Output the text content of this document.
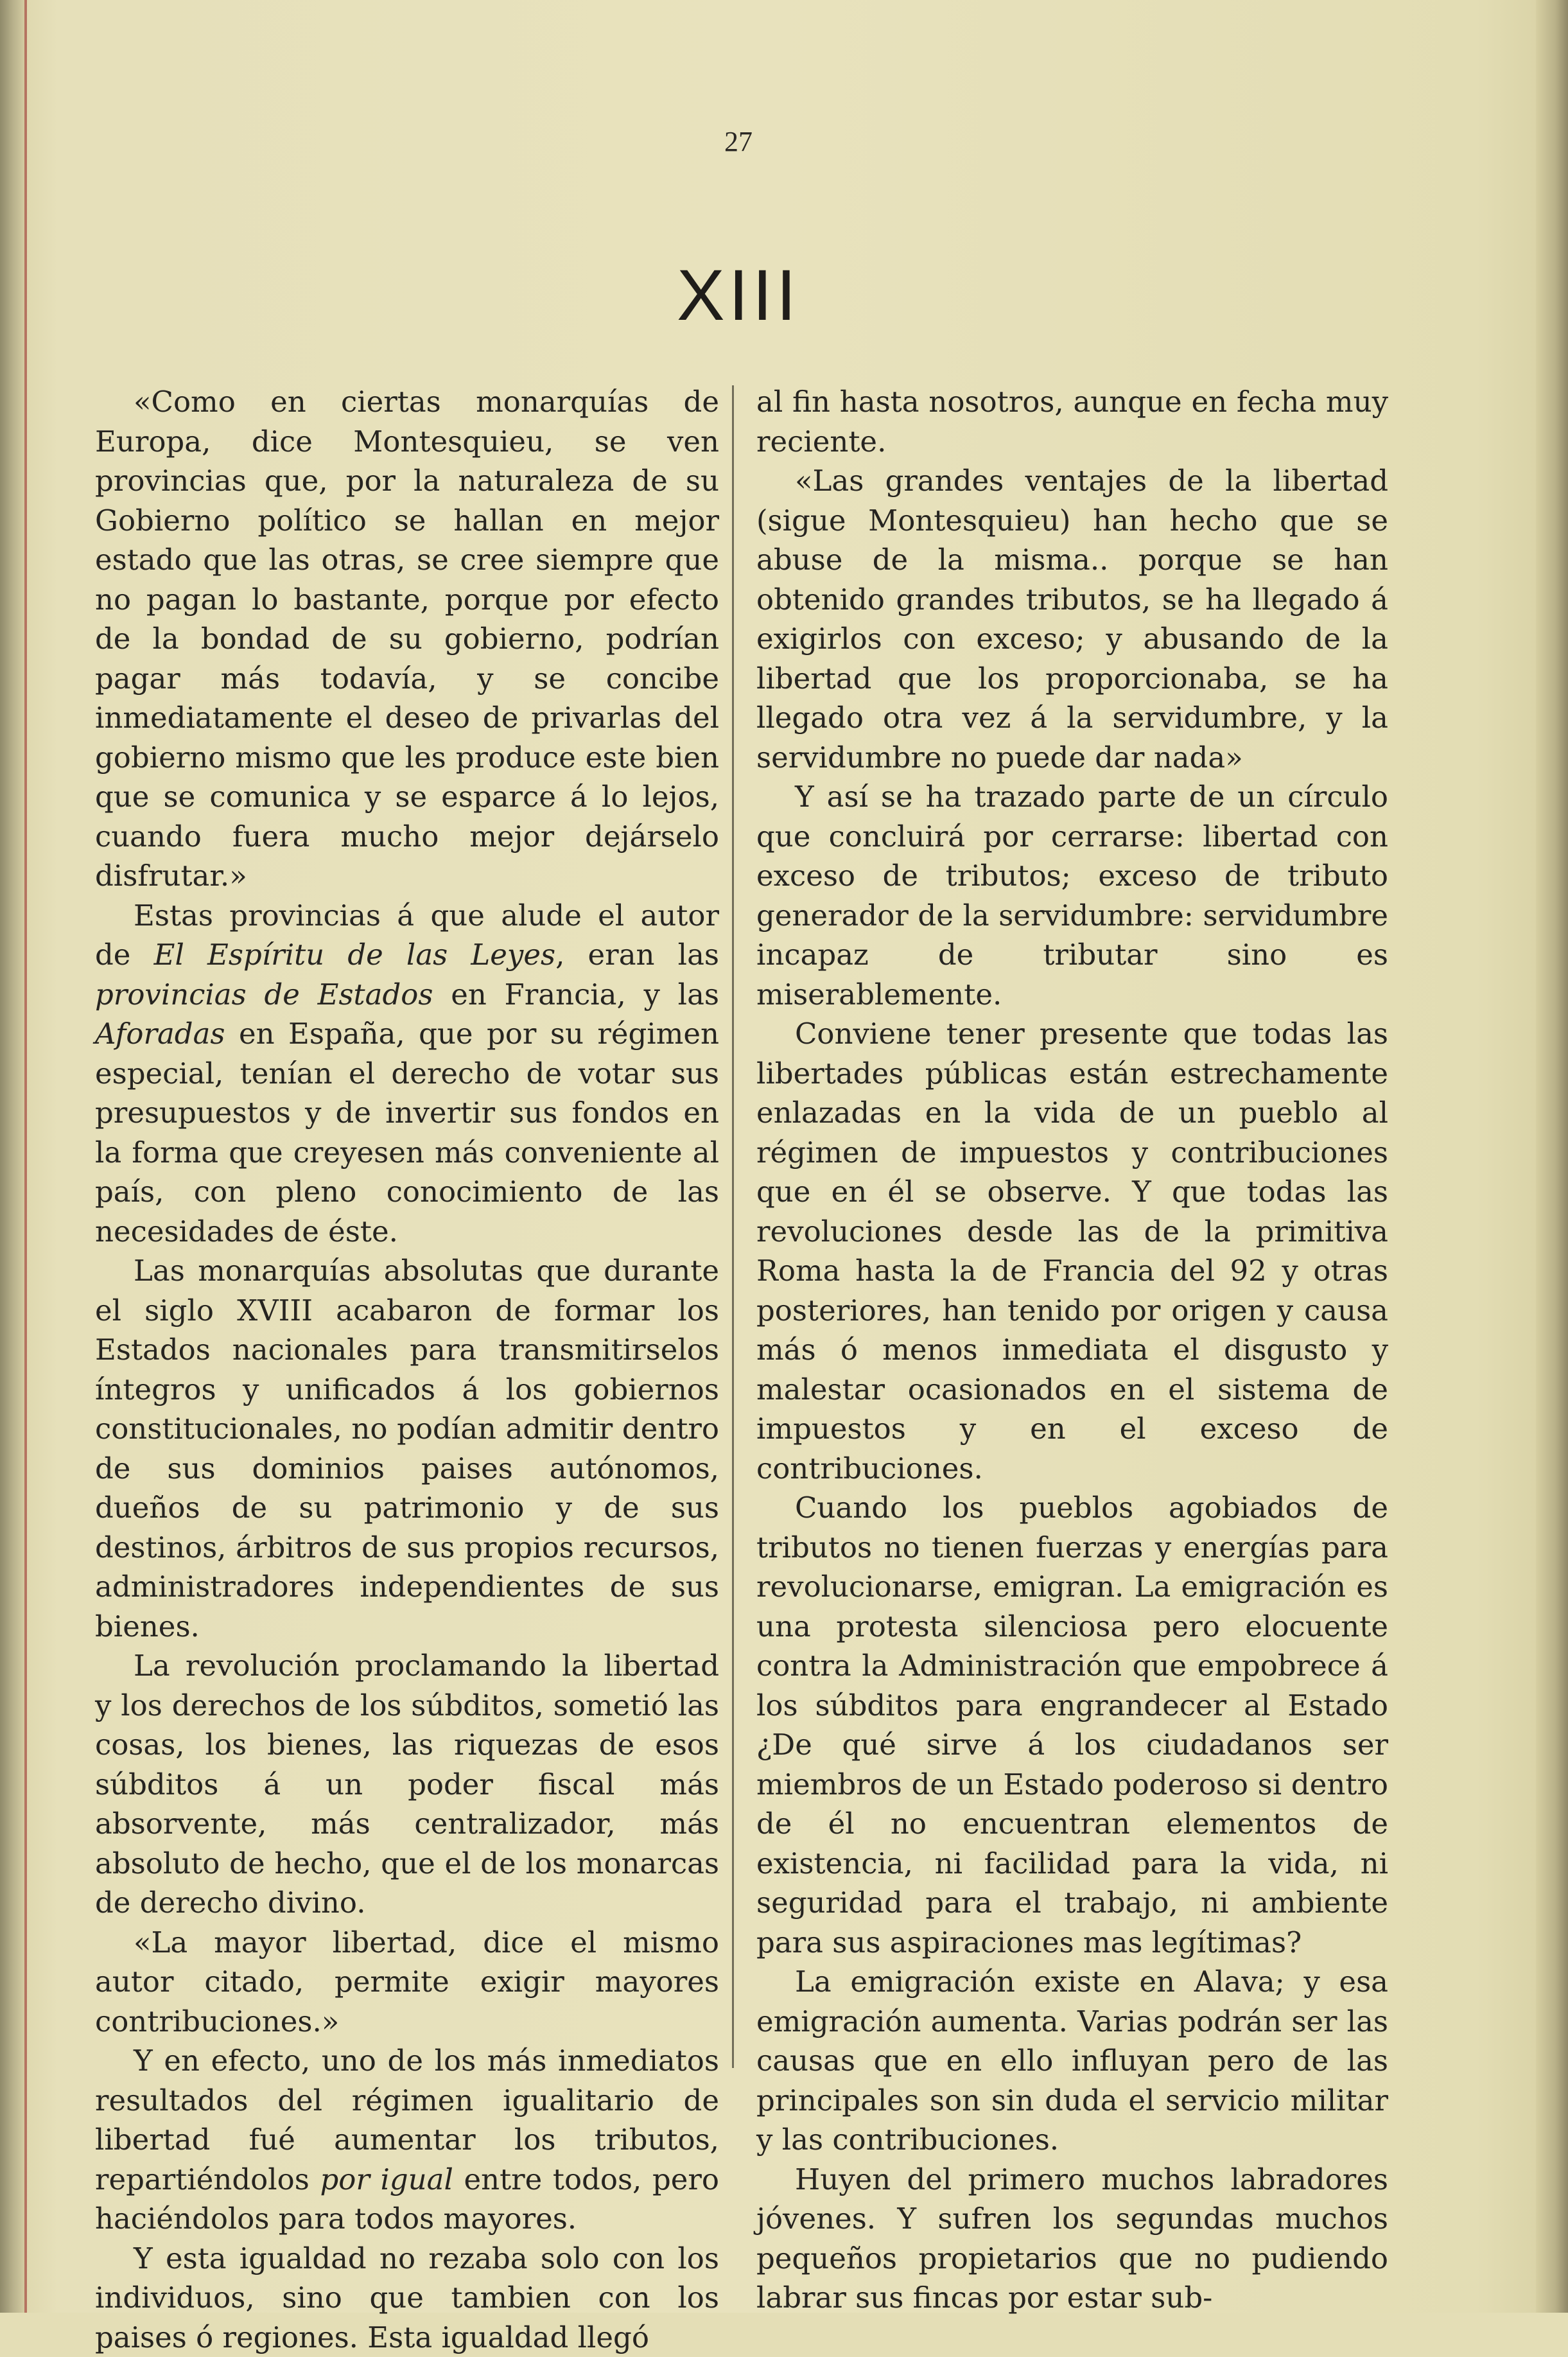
27
XIII

«Como en ciertas monarquías de Europa, dice Montesquieu, se ven provincias que, por la naturaleza de su Gobierno político se hallan en mejor estado que las otras, se cree siempre que no pagan lo bastante, porque por efecto de la bondad de su gobierno, podrían pagar más todavía, y se concibe inmediatamente el deseo de privarlas del gobierno mismo que les produce este bien que se comunica y se esparce á lo lejos, cuando fuera mucho mejor dejárselo disfrutar.»

Estas provincias á que alude el autor de El Espíritu de las Leyes, eran las provincias de Estados en Francia, y las Aforadas en España, que por su régimen especial, tenían el derecho de votar sus presupuestos y de invertir sus fondos en la forma que creyesen más conveniente al país, con pleno conocimiento de las necesidades de éste.

Las monarquías absolutas que durante el siglo XVIII acabaron de formar los Estados nacionales para transmitirselos íntegros y unificados á los gobiernos constitucionales, no podían admitir dentro de sus dominios paises autónomos, dueños de su patrimonio y de sus destinos, árbitros de sus propios recursos, administradores independientes de sus bienes.

La revolución proclamando la libertad y los derechos de los súbditos, sometió las cosas, los bienes, las riquezas de esos súbditos á un poder fiscal más absorvente, más centralizador, más absoluto de hecho, que el de los monarcas de derecho divino.

«La mayor libertad, dice el mismo autor citado, permite exigir mayores contribuciones.»

Y en efecto, uno de los más inmediatos resultados del régimen igualitario de libertad fué aumentar los tributos, repartiéndolos por igual entre todos, pero haciéndolos para todos mayores.

Y esta igualdad no rezaba solo con los individuos, sino que tambien con los paises ó regiones. Esta igualdad llegó

al fin hasta nosotros, aunque en fecha muy reciente.

«Las grandes ventajes de la libertad (sigue Montesquieu) han hecho que se abuse de la misma.. porque se han obtenido grandes tributos, se ha llegado á exigirlos con exceso; y abusando de la libertad que los proporcionaba, se ha llegado otra vez á la servidumbre, y la servidumbre no puede dar nada»

Y así se ha trazado parte de un círculo que concluirá por cerrarse: libertad con exceso de tributos; exceso de tributo generador de la servidumbre: servidumbre incapaz de tributar sino es miserablemente.

Conviene tener presente que todas las libertades públicas están estrechamente enlazadas en la vida de un pueblo al régimen de impuestos y contribuciones que en él se observe. Y que todas las revoluciones desde las de la primitiva Roma hasta la de Francia del 92 y otras posteriores, han tenido por origen y causa más ó menos inmediata el disgusto y malestar ocasionados en el sistema de impuestos y en el exceso de contribuciones.

Cuando los pueblos agobiados de tributos no tienen fuerzas y energías para revolucionarse, emigran. La emigración es una protesta silenciosa pero elocuente contra la Administración que empobrece á los súbditos para engrandecer al Estado ¿De qué sirve á los ciudadanos ser miembros de un Estado poderoso si dentro de él no encuentran elementos de existencia, ni facilidad para la vida, ni seguridad para el trabajo, ni ambiente para sus aspiraciones mas legítimas?

La emigración existe en Alava; y esa emigración aumenta. Varias podrán ser las causas que en ello influyan pero de las principales son sin duda el servicio militar y las contribuciones.

Huyen del primero muchos labradores jóvenes. Y sufren los segundas muchos pequeños propietarios que no pudiendo labrar sus fincas por estar sub-
